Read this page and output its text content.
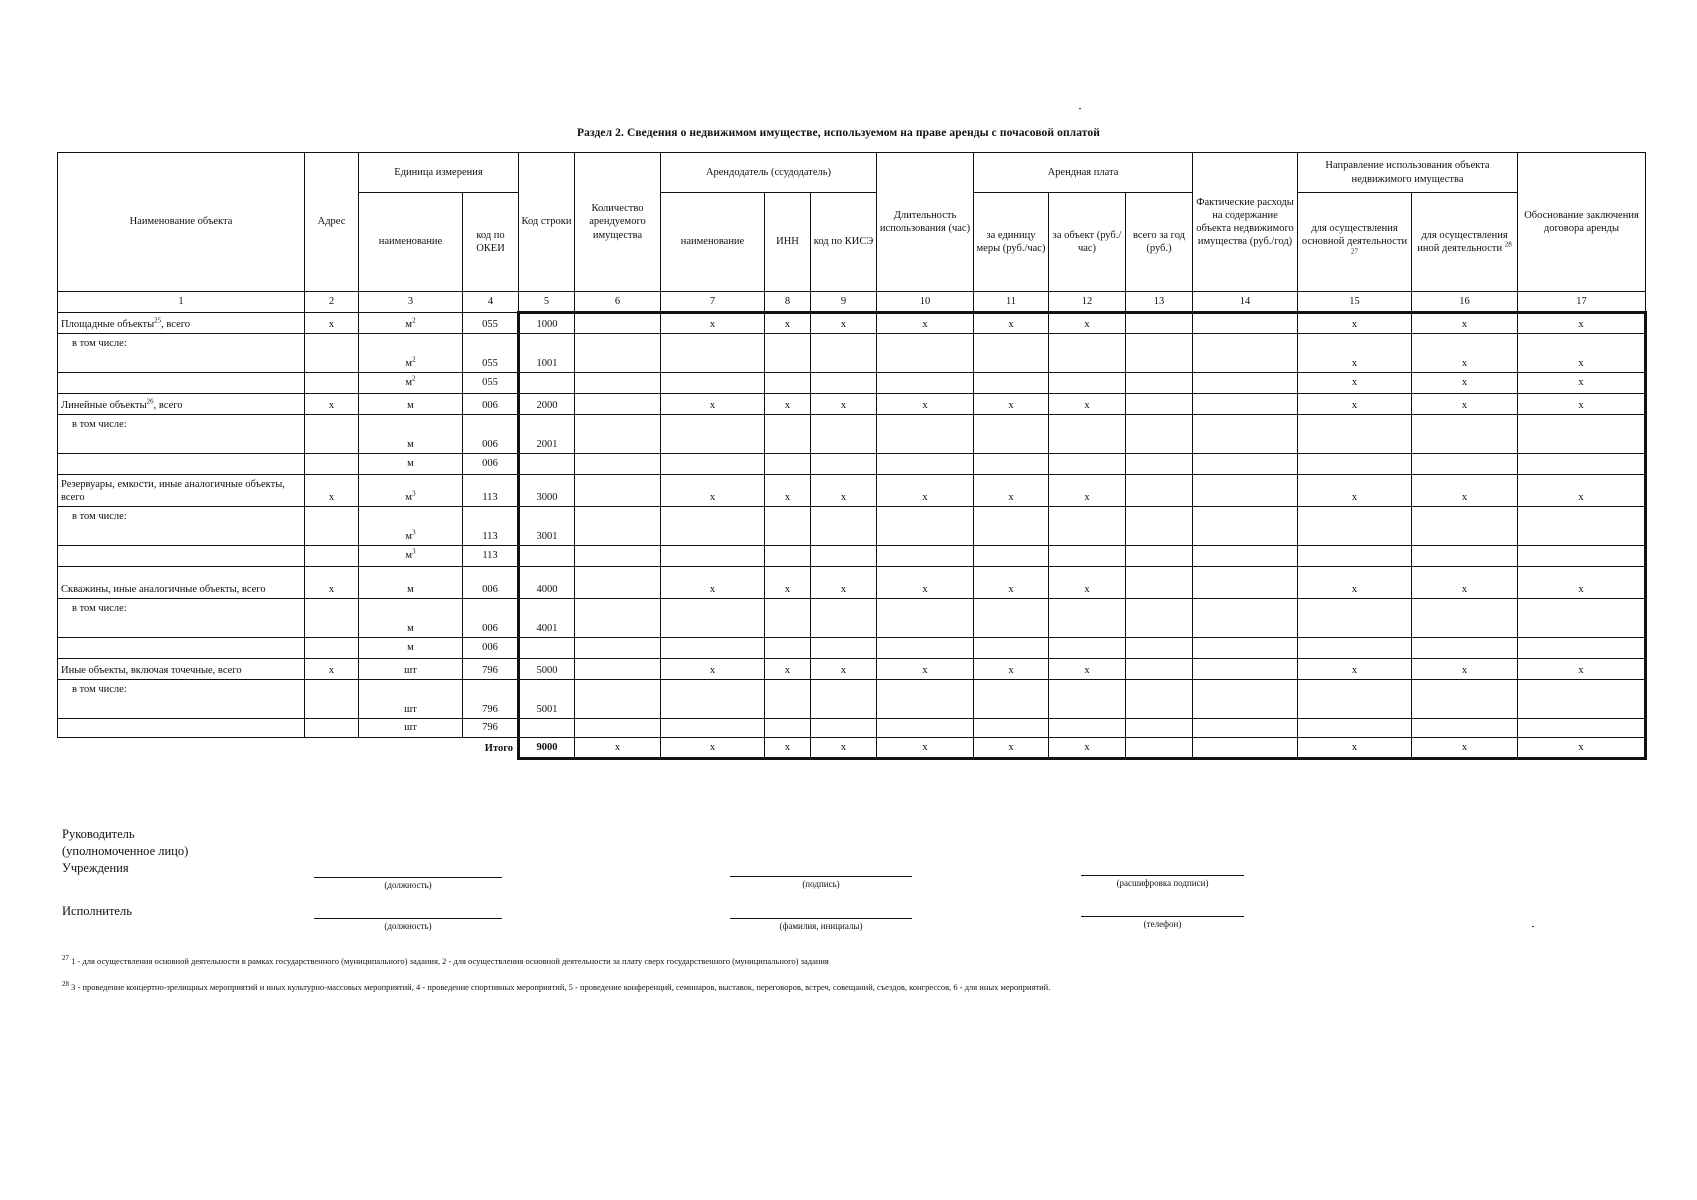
Раздел 2. Сведения о недвижимом имуществе, используемом на праве аренды с почасовой оплатой
Наименование объекта	Адрес	Единица измерения		Код строки	Количество арендуемого имущества	Арендодатель (ссудодатель)			Длительность использования (час)	Арендная плата			Фактические расходы на содержание объекта недвижимого имущества (руб./год)	Направление использования объекта недвижимого имущества		Обоснование заключения договора аренды
		наименование	код по ОКЕИ			наименование	ИНН	код по КИСЭ		за единицу меры (руб./час)	за объект (руб./час)	всего за год (руб.)		для осуществления основной деятельности $^{27}$	для осуществления иной деятельности $^{28}$
1	2	3	4	5	6	7	8	9	10	11	12	13	14	15	16	17
Площадные объекты$^{25}$, всего	х	$м^2$	055	1000		х	х	х	х	х	х			х	х	х
в том числе:		$м^2$	055	1001										х	х	х
		$м^2$	055											х	х	х
Линейные объекты$^{26}$, всего	х	м	006	2000		х	х	х	х	х	х			х	х	х
в том числе:		м	006	2001												
		м	006													
Резервуары, емкости, иные аналогичные объекты, всего	х	$м^3$	113	3000		х	х	х	х	х	х			х	х	х
в том числе:		$м^3$	113	3001												
		$м^3$	113													
Скважины, иные аналогичные объекты, всего	х	м	006	4000		х	х	х	х	х	х			х	х	х
в том числе:		м	006	4001												
		м	006													
Иные объекты, включая точечные, всего	х	шт	796	5000		х	х	х	х	х	х			х	х	х
в том числе:		шт	796	5001												
		шт	796													
Итого				9000	х	х	х	х	х	х	х			х	х	х
Руководитель
(уполномоченное лицо)
Учреждения
(должность)	(подпись)	(расшифровка подписи)
Исполнитель
(должность)	(фамилия, инициалы)	(телефон)
$^{27}$ 1 - для осуществления основной деятельности в рамках государственного (муниципального) задания, 2 - для осуществления основной деятельности за плату сверх государственного (муниципального) задания
$^{28}$ 3 - проведение концертно-зрелищных мероприятий и иных культурно-массовых мероприятий, 4 - проведение спортивных мероприятий, 5 - проведение конференций, семинаров, выставок, переговоров, встреч, совещаний, съездов, конгрессов, 6 - для иных мероприятий.
